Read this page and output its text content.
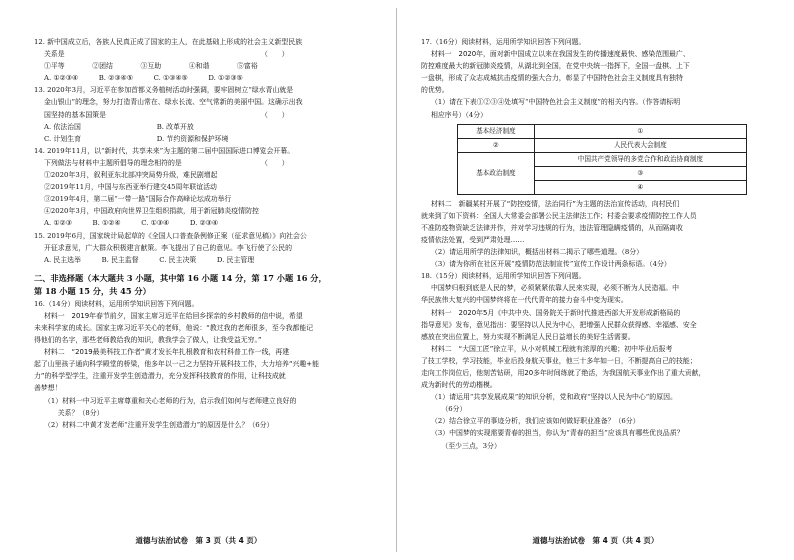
12. 新中国成立后，各族人民真正成了国家的主人，在此基础上形成的社会主义新型民族

关系是　　　　　　　　　　　　　　　　　　　　　　　　　　　　　（　　）

①平等　　　　②团结　　　　③互助　　　　④和谐　　　　⑤富裕

A. ①②③④　　　B. ②③④⑤　　　C. ①③④⑤　　　D. ①②③⑤

13. 2020年3月，习近平在参加首都义务植树活动时强调，要牢固树立“绿水青山就是

金山银山”的理念，努力打造青山常在、绿水长流、空气常新的美丽中国。这确示出我

国坚持的基本国策是　　　　　　　　　　　　　　　　　　　　　　　（　　）

A. 依法治国　　　　　　　　　　　B. 改革开放

C. 计划生育　　　　　　　　　　　D. 节约资源和保护环境

14. 2019年11月，以“新时代，共享未来”为主题的第二届中国国际进口博览会开幕。

下列做法与材料中主题所倡导的理念相符的是　　　　　　　　　　　　（　　）

①2020年3月，叙利亚东北部冲突局势升级，难民剧增起

②2019年11月，中国与东西亚举行建交45周年联谊活动

③2019年4月，第二届“一带一路”国际合作高峰论坛成功举行

④2020年3月，中国政府向世界卫生组织捐款，用于新冠肺炎疫情防控

A. ①②③　　　B. ①②④　　　C. ①③④　　　D. ②③④

15. 2019年6月，国家统计局起草的《全国人口普查条例修正案（征求意见稿）》向社会公

开征求意见，广大群众积极建言献策。李飞提出了自己的意见。李飞行使了公民的

A. 民主选举　　　B. 民主监督　　　C. 民主决策　　　D. 民主管理

二、非选择题（本大题共 3 小题，其中第 16 小题 14 分，第 17 小题 16 分，

第 18 小题 15 分，共 45 分）

16.（14分）阅读材料，运用所学知识回答下列问题。

材料一　2019年春节前夕，国家主席习近平在给回乡探亲的乡村教师的信中说，希望

未来科学家的成长。国家主席习近平关心的老师，他说：“教过我的老师很多，至今我都能记

得他们的名字，那些老师教给我的知识，教我学会了做人，让我受益无穷。”

材料二　“2019最美科技工作者”黄才发长年扎根教育和农村科普工作一线，再建

起了山里孩子通向科学殿堂的桥梁，他多年以一己之力坚持开展科技工作，大力培养“兴趣+能

力”的科学型学生，注重开发学生创造潜力，充分发挥科技教育的作用，让科技成就

善梦想！

（1）材料一中习近平主席尊重和关心老师的行为，启示我们如何与老师建立良好的

　　关系？（8分）

（2）材料二中黄才发老师“注重开发学生创造潜力”的原因是什么？（6分）

道德与法治试卷　第 3 页（共 4 页）

17.（16分）阅读材料，运用所学知识回答下列问题。

材料一　2020年，面对新中国成立以来在我国发生的传播速度最快、感染范围最广、

防控难度最大的新冠肺炎疫情，从湖北到全国，在党中央统一指挥下，全国一盘棋、上下

一盘棋，形成了众志成城抗击疫情的强大合力，彰显了中国特色社会主义制度具有独特

的优势。

（1）请在下表①②③④处填写“中国特色社会主义制度”的相关内容。（作答请标明

相应序号）（4分）

基本经济制度	①
②	人民代表大会制度
基本政治制度	中国共产党领导的多党合作和政治协商制度
	③
	④

材料二　新疆某村开展了“防控疫情，法治同行”为主题的法治宣传活动，向村民们

就来到了如下资料：全国人大常委会部署公民主法律法工作；村委会要求疫情防控工作人员

不准防疫物资缺乏法律并作，并对学习违规的行为，违法管理隐瞒疫情的，从而隔离收

疫情依法处置，受到严肃处理……

（2）请运用所学的法律知识，概括出材料二揭示了哪些道理。（8分）

（3）请为你所在社区开展“疫情防范法制宣传”宣传工作设计两条标语。（4分）

18.（15分）阅读材料，运用所学知识回答下列问题。

中国梦归根到底是人民的梦，必须紧紧依靠人民来实现，必须不断为人民造福。中

华民族伟大复兴的中国梦终将在一代代青年的接力奋斗中变为现实。

材料一　2020年5月《中共中央、国务院关于新时代推进西部大开发形成新格局的

指导意见》发布，意见指出：要坚持以人民为中心，把增强人民群众获得感、幸福感、安全

感放在突出位置上，努力实现不断满足人民日益增长的美好生活需要。

材料二　“大国工匠”徐立平，从小对机械工程就有浓厚的兴趣；初中毕业后报考

了技工学校，学习技能，毕业后投身航天事业，他三十多年如一日，不断提高自己的技能；

走向工作岗位后，他刻苦钻研，用20多年时间练就了绝活，为我国航天事业作出了重大贡献，

成为新时代的劳动楷模。

（1）请运用“共享发展成果”的知识分析，党和政府“坚持以人民为中心”的原因。

　　（6分）

（2）结合徐立平的事迹分析，我们应该如何做好职业准备？（6分）

（3）中国梦的实现需要青春的担当，你认为“青春的担当”应该具有哪些优良品质？

　　（至少三点，3分）

道德与法治试卷　第 4 页（共 4 页）
